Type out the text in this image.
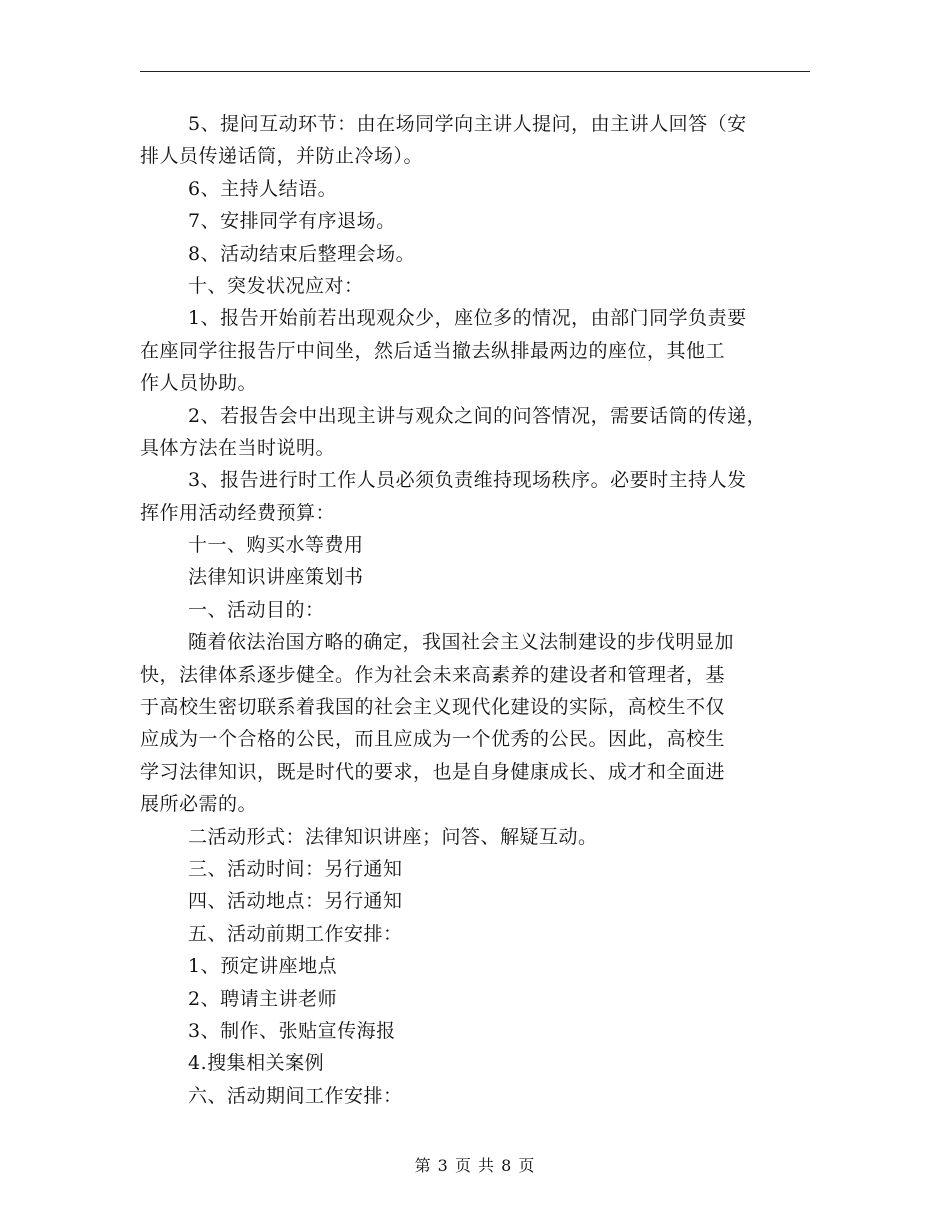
5、提问互动环节：由在场同学向主讲人提问，由主讲人回答（安
排人员传递话筒，并防止冷场）。
6、主持人结语。
7、安排同学有序退场。
8、活动结束后整理会场。
十、突发状况应对：
1、报告开始前若出现观众少，座位多的情况，由部门同学负责要
在座同学往报告厅中间坐，然后适当撤去纵排最两边的座位，其他工
作人员协助。
2、若报告会中出现主讲与观众之间的问答情况，需要话筒的传递，
具体方法在当时说明。
3、报告进行时工作人员必须负责维持现场秩序。必要时主持人发
挥作用活动经费预算：
十一、购买水等费用
法律知识讲座策划书
一、活动目的：
随着依法治国方略的确定，我国社会主义法制建设的步伐明显加
快，法律体系逐步健全。作为社会未来高素养的建设者和管理者，基
于高校生密切联系着我国的社会主义现代化建设的实际，高校生不仅
应成为一个合格的公民，而且应成为一个优秀的公民。因此，高校生
学习法律知识，既是时代的要求，也是自身健康成长、成才和全面进
展所必需的。
二活动形式：法律知识讲座；问答、解疑互动。
三、活动时间：另行通知
四、活动地点：另行通知
五、活动前期工作安排：
1、预定讲座地点
2、聘请主讲老师
3、制作、张贴宣传海报
4.搜集相关案例
六、活动期间工作安排：
第 3 页 共 8 页
